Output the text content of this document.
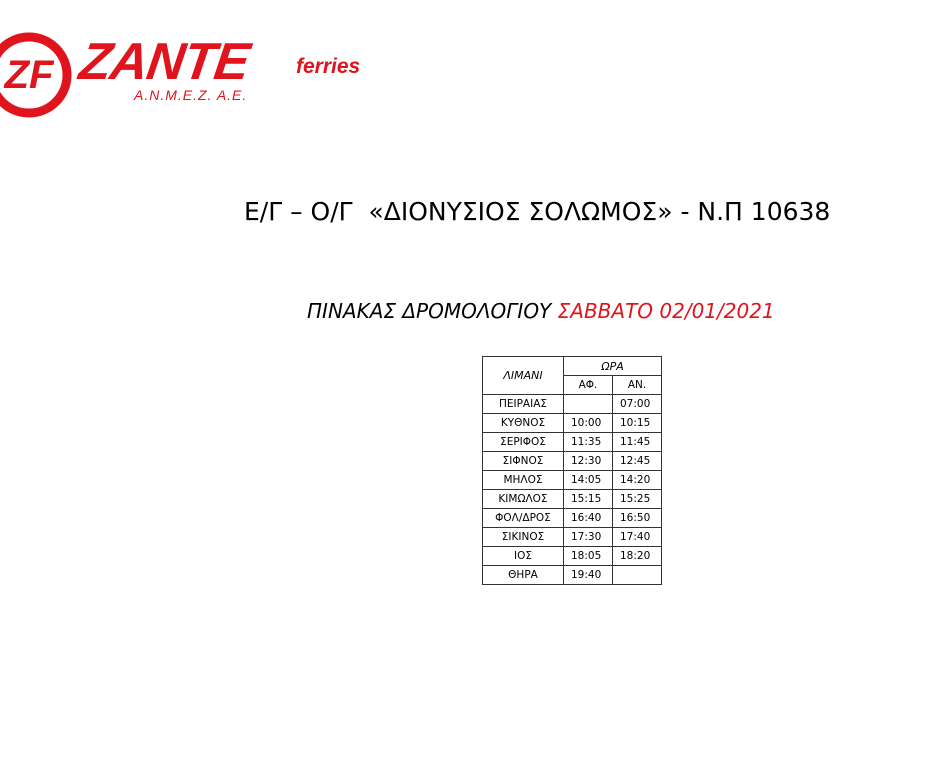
ZF ZANTE ferries
Α.Ν.Μ.Ε.Ζ. Α.Ε.
Ε/Γ – Ο/Γ  «ΔΙΟΝΥΣΙΟΣ ΣΟΛΩΜΟΣ» - Ν.Π 10638
ΠΙΝΑΚΑΣ ΔΡΟΜΟΛΟΓΙΟΥ ΣΑΒΒΑΤΟ 02/01/2021
ΛΙΜΑΝΙ	ΩΡΑ	
	ΑΦ.	ΑΝ.
ΠΕΙΡΑΙΑΣ		07:00
ΚΥΘΝΟΣ	10:00	10:15
ΣΕΡΙΦΟΣ	11:35	11:45
ΣΙΦΝΟΣ	12:30	12:45
ΜΗΛΟΣ	14:05	14:20
ΚΙΜΩΛΟΣ	15:15	15:25
ΦΟΛ/ΔΡΟΣ	16:40	16:50
ΣΙΚΙΝΟΣ	17:30	17:40
ΙΟΣ	18:05	18:20
ΘΗΡΑ	19:40	
